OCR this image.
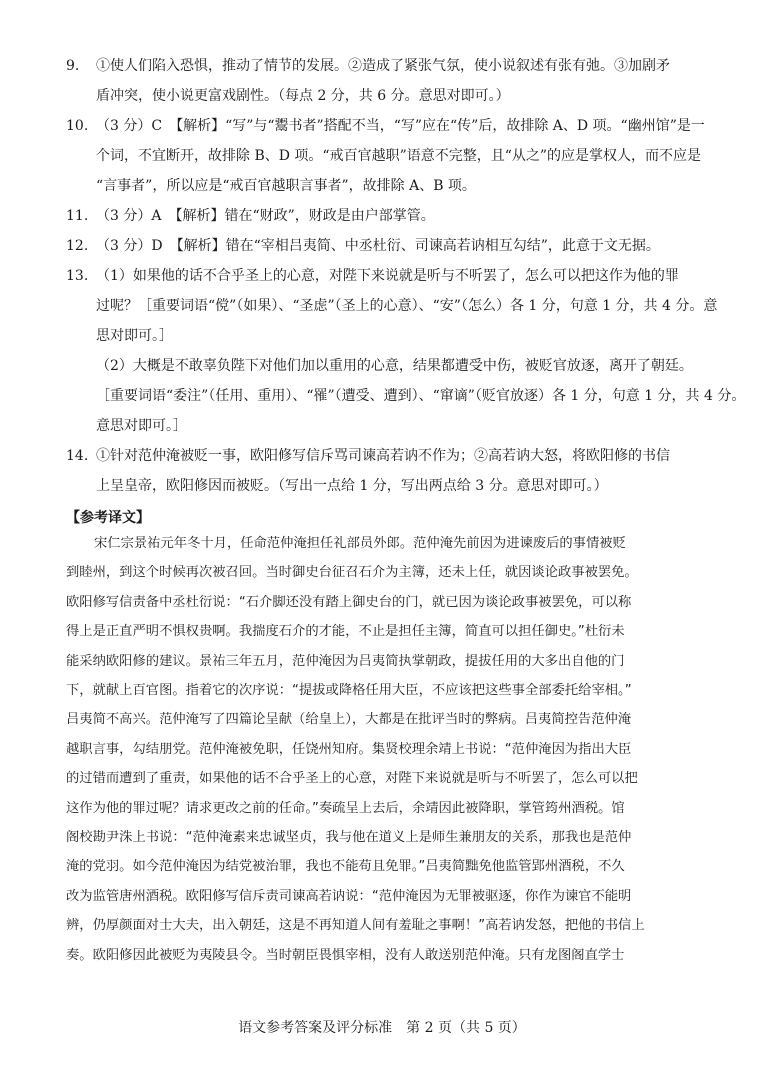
9. ①使人们陷入恐惧，推动了情节的发展。②造成了紧张气氛，使小说叙述有张有弛。③加剧矛
盾冲突，使小说更富戏剧性。（每点 2 分，共 6 分。意思对即可。）
10. （3 分）C　【解析】“写”与“鬻书者”搭配不当，“写”应在“传”后，故排除 A、D 项。“幽州馆”是一
个词，不宜断开，故排除 B、D 项。“戒百官越职”语意不完整，且“从之”的应是掌权人，而不应是
“言事者”，所以应是“戒百官越职言事者”，故排除 A、B 项。
11. （3 分）A　【解析】错在“财政”，财政是由户部掌管。
12. （3 分）D　【解析】错在“宰相吕夷简、中丞杜衍、司谏高若讷相互勾结”，此意于文无据。
13. （1）如果他的话不合乎圣上的心意，对陛下来说就是听与不听罢了，怎么可以把这作为他的罪
过呢？［重要词语“傥”（如果）、“圣虑”（圣上的心意）、“安”（怎么）各 1 分，句意 1 分，共 4 分。意
思对即可。］
（2）大概是不敢辜负陛下对他们加以重用的心意，结果都遭受中伤，被贬官放逐，离开了朝廷。
［重要词语“委注”（任用、重用）、“罹”（遭受、遭到）、“窜谪”（贬官放逐）各 1 分，句意 1 分，共 4 分。
意思对即可。］
14. ①针对范仲淹被贬一事，欧阳修写信斥骂司谏高若讷不作为；②高若讷大怒，将欧阳修的书信
上呈皇帝，欧阳修因而被贬。（写出一点给 1 分，写出两点给 3 分。意思对即可。）
【参考译文】
宋仁宗景祐元年冬十月，任命范仲淹担任礼部员外郎。范仲淹先前因为进谏废后的事情被贬
到睦州，到这个时候再次被召回。当时御史台征召石介为主簿，还未上任，就因谈论政事被罢免。
欧阳修写信责备中丞杜衍说：“石介脚还没有踏上御史台的门，就已因为谈论政事被罢免，可以称
得上是正直严明不惧权贵啊。我揣度石介的才能，不止是担任主簿，简直可以担任御史。”杜衍未
能采纳欧阳修的建议。景祐三年五月，范仲淹因为吕夷简执掌朝政，提拔任用的大多出自他的门
下，就献上百官图。指着它的次序说：“提拔或降格任用大臣，不应该把这些事全部委托给宰相。”
吕夷简不高兴。范仲淹写了四篇论呈献（给皇上），大都是在批评当时的弊病。吕夷简控告范仲淹
越职言事，勾结朋党。范仲淹被免职，任饶州知府。集贤校理余靖上书说：“范仲淹因为指出大臣
的过错而遭到了重责，如果他的话不合乎圣上的心意，对陛下来说就是听与不听罢了，怎么可以把
这作为他的罪过呢？请求更改之前的任命。”奏疏呈上去后，余靖因此被降职，掌管筠州酒税。馆
阁校勘尹洙上书说：“范仲淹素来忠诚坚贞，我与他在道义上是师生兼朋友的关系，那我也是范仲
淹的党羽。如今范仲淹因为结党被治罪，我也不能苟且免罪。”吕夷简黜免他监管郢州酒税，不久
改为监管唐州酒税。欧阳修写信斥责司谏高若讷说：“范仲淹因为无罪被驱逐，你作为谏官不能明
辨，仍厚颜面对士大夫，出入朝廷，这是不再知道人间有羞耻之事啊！”高若讷发怒，把他的书信上
奏。欧阳修因此被贬为夷陵县令。当时朝臣畏惧宰相，没有人敢送别范仲淹。只有龙图阁直学士
语文参考答案及评分标准　第 2 页（共 5 页）
